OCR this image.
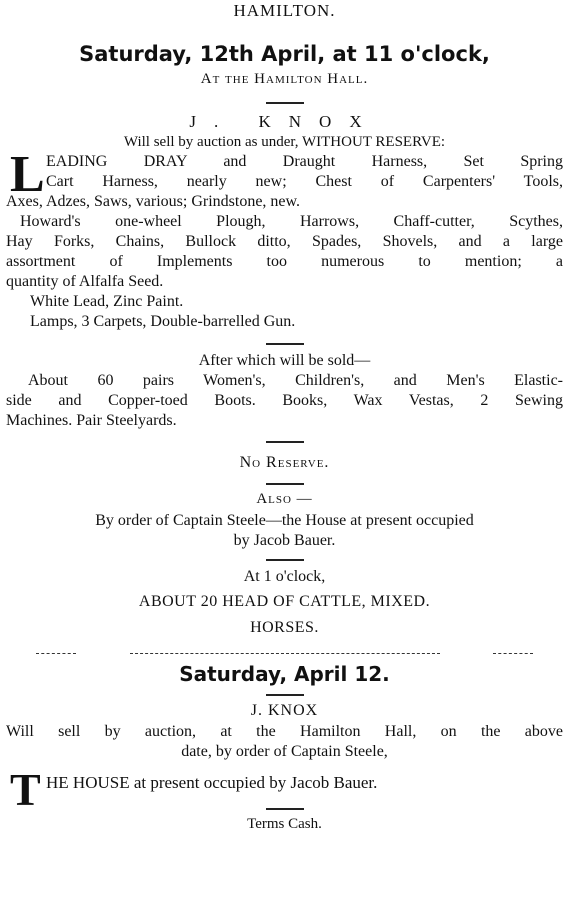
HAMILTON.
Saturday, 12th April, at 11 o'clock,
At the Hamilton Hall.
J. KNOX
Will sell by auction as under, WITHOUT RESERVE:
L EADING DRAY and Draught Harness, Set Spring
Cart Harness, nearly new; Chest of Carpenters' Tools,
Axes, Adzes, Saws, various; Grindstone, new.
Howard's one-wheel Plough, Harrows, Chaff-cutter, Scythes,
Hay Forks, Chains, Bullock ditto, Spades, Shovels, and a large
assortment of Implements too numerous to mention; a
quantity of Alfalfa Seed.
White Lead, Zinc Paint.
Lamps, 3 Carpets, Double-barrelled Gun.
After which will be sold—
About 60 pairs Women's, Children's, and Men's Elastic-
side and Copper-toed Boots. Books, Wax Vestas, 2 Sewing
Machines. Pair Steelyards.
No Reserve.
Also —
By order of Captain Steele—the House at present occupied
by Jacob Bauer.
At 1 o'clock,
ABOUT 20 HEAD OF CATTLE, MIXED.
HORSES.
Saturday, April 12.
J. KNOX
Will sell by auction, at the Hamilton Hall, on the above
date, by order of Captain Steele,
T HE HOUSE at present occupied by Jacob Bauer.
Terms Cash.
